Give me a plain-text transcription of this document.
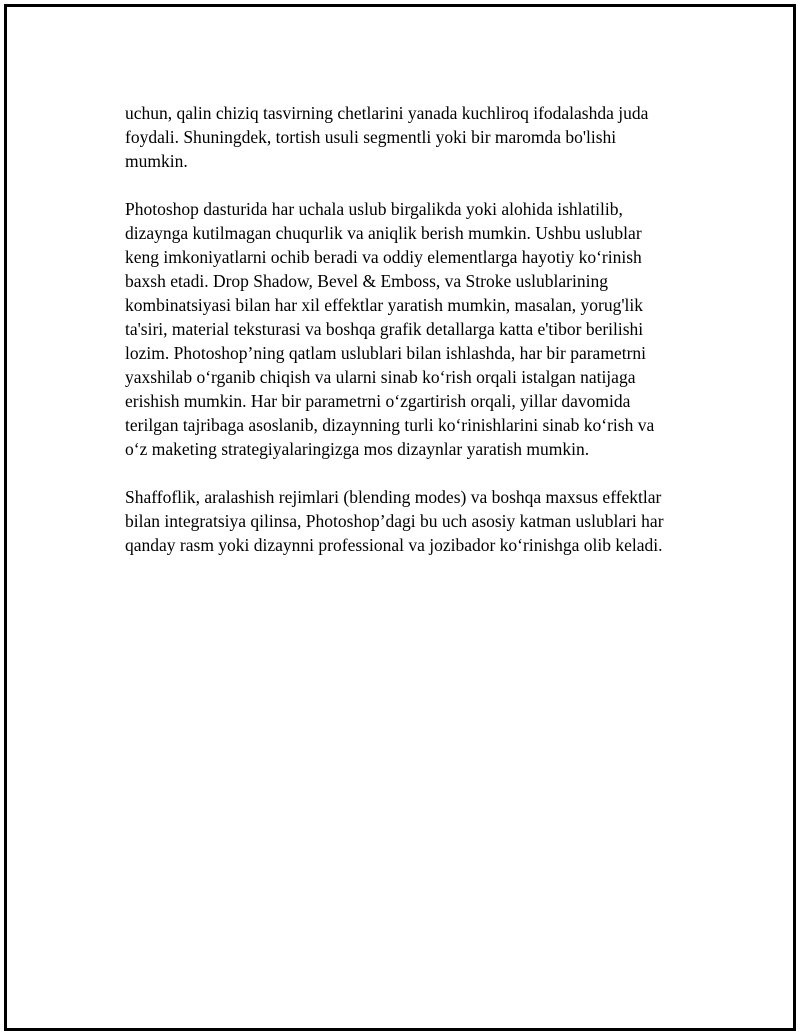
uchun, qalin chiziq tasvirning chetlarini yanada kuchliroq ifodalashda juda
foydali. Shuningdek, tortish usuli segmentli yoki bir maromda bo'lishi
mumkin.

Photoshop dasturida har uchala uslub birgalikda yoki alohida ishlatilib,
dizaynga kutilmagan chuqurlik va aniqlik berish mumkin. Ushbu uslublar
keng imkoniyatlarni ochib beradi va oddiy elementlarga hayotiy ko‘rinish
baxsh etadi. Drop Shadow, Bevel & Emboss, va Stroke uslublarining
kombinatsiyasi bilan har xil effektlar yaratish mumkin, masalan, yorug'lik
ta'siri, material teksturasi va boshqa grafik detallarga katta e'tibor berilishi
lozim. Photoshop’ning qatlam uslublari bilan ishlashda, har bir parametrni
yaxshilab o‘rganib chiqish va ularni sinab ko‘rish orqali istalgan natijaga
erishish mumkin. Har bir parametrni o‘zgartirish orqali, yillar davomida
terilgan tajribaga asoslanib, dizaynning turli ko‘rinishlarini sinab ko‘rish va
o‘z maketing strategiyalaringizga mos dizaynlar yaratish mumkin.

Shaffoflik, aralashish rejimlari (blending modes) va boshqa maxsus effektlar
bilan integratsiya qilinsa, Photoshop’dagi bu uch asosiy katman uslublari har
qanday rasm yoki dizaynni professional va jozibador ko‘rinishga olib keladi.
